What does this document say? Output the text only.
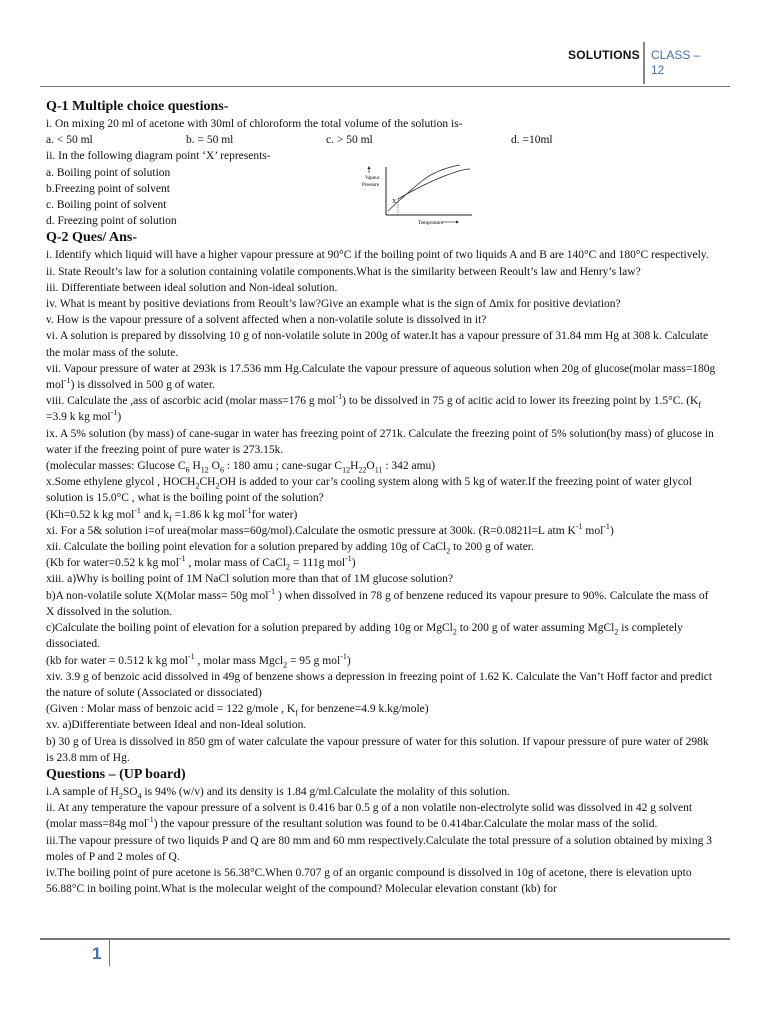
SOLUTIONS CLASS –
12

Q-1 Multiple choice questions-

i. On mixing 20 ml of acetone with 30ml of chloroform the total volume of the solution is-

a. < 50 ml	b. = 50 ml	c. > 50 ml	d. =10ml

ii. In the following diagram point ‘X’ represents-

a. Boiling point of solution

b.Freezing point of solvent

c. Boiling point of solvent

d. Freezing point of solution

Vapour
Pressure
X
Temperature

Q-2 Ques/ Ans-

i. Identify which liquid will have a higher vapour pressure at 90°C if the boiling point of two liquids A and B are 140°C and 180°C respectively.

ii. State Reoult’s law for a solution containing volatile components.What is the similarity between Reoult’s law and Henry’s law?

iii. Differentiate between ideal solution and Non-ideal solution.

iv. What is meant by positive deviations from Reoult’s law?Give an example what is the sign of Δmix for positive deviation?

v. How is the vapour pressure of a solvent affected when a non-volatile solute is dissolved in it?

vi. A solution is prepared by dissolving 10 g of non-volatile solute in 200g of water.It has a vapour pressure of 31.84 mm Hg at 308 k. Calculate the molar mass of the solute.

vii. Vapour pressure of water at 293k is 17.536 mm Hg.Calculate the vapour pressure of aqueous solution when 20g of glucose(molar mass=180g mol$^{-1}$) is dissolved in 500 g of water.

viii. Calculate the ,ass of ascorbic acid (molar mass=176 g mol$^{-1}$) to be dissolved in 75 g of acitic acid to lower its freezing point by 1.5°C. ($K_f =3.9$ k kg mol$^{-1}$)

ix. A 5% solution (by mass) of cane-sugar in water has freezing point of 271k. Calculate the freezing point of 5% solution(by mass) of glucose in water if the freezing point of pure water is 273.15k.

(molecular masses: Glucose $C_6$ $H_{12}$ $O_6$ : 180 amu ; cane-sugar $C_{12}H_{22}O_{11}$ : 342 amu)

x.Some ethylene glycol , $HOCH_2CH_2OH$ is added to your car’s cooling system along with 5 kg of water.If the freezing point of water glycol solution is 15.0°C , what is the boiling point of the solution?

(Kh=0.52 k kg mol$^{-1}$ and $k_f =1.86$ k kg mol$^{-1}$for water)

xi. For a 5& solution i=of urea(molar mass=60g/mol).Calculate the osmotic pressure at 300k. (R=0.0821l=L atm $K^{-1}$ mol$^{-1}$)

xii. Calculate the boiling point elevation for a solution prepared by adding 10g of CaCl$_2$ to 200 g of water.

(Kb for water=0.52 k kg mol$^{-1}$ , molar mass of CaCl$_2$ = 111g mol$^{-1}$)

xiii. a)Why is boiling point of 1M NaCl solution more than that of 1M glucose solution?

b)A non-volatile solute X(Molar mass= 50g mol$^{-1}$ ) when dissolved in 78 g of benzene reduced its vapour presure to 90%. Calculate the mass of X dissolved in the solution.

c)Calculate the boiling point of elevation for a solution prepared by adding 10g or MgCl$_2$ to 200 g of water assuming MgCl$_2$ is completely dissociated.

(kb for water = 0.512 k kg mol$^{-1}$ , molar mass Mgcl$_2$ = 95 g mol$^{-1}$)

xiv. 3.9 g of benzoic acid dissolved in 49g of benzene shows a depression in freezing point of 1.62 K. Calculate the Van’t Hoff factor and predict the nature of solute (Associated or dissociated)

(Given : Molar mass of benzoic acid = 122 g/mole , $K_f$ for benzene=4.9 k.kg/mole)

xv. a)Differentiate between Ideal and non-Ideal solution.

b) 30 g of Urea is dissolved in 850 gm of water calculate the vapour pressure of water for this solution. If vapour pressure of pure water of 298k is 23.8 mm of Hg.

Questions – (UP board)

i.A sample of $H_2SO_4$ is 94% (w/v) and its density is 1.84 g/ml.Calculate the molality of this solution.

ii. At any temperature the vapour pressure of a solvent is 0.416 bar 0.5 g of a non volatile non-electrolyte solid was dissolved in 42 g solvent (molar mass=84g mol$^{-1}$) the vapour pressure of the resultant solution was found to be 0.414bar.Calculate the molar mass of the solid.

iii.The vapour pressure of two liquids P and Q are 80 mm and 60 mm respectively.Calculate the total pressure of a solution obtained by mixing 3 moles of P and 2 moles of Q.

iv.The boiling point of pure acetone is 56.38°C.When 0.707 g of an organic compound is dissolved in 10g of acetone, there is elevation upto 56.88°C in boiling point.What is the molecular weight of the compound? Molecular elevation constant (kb) for

1
